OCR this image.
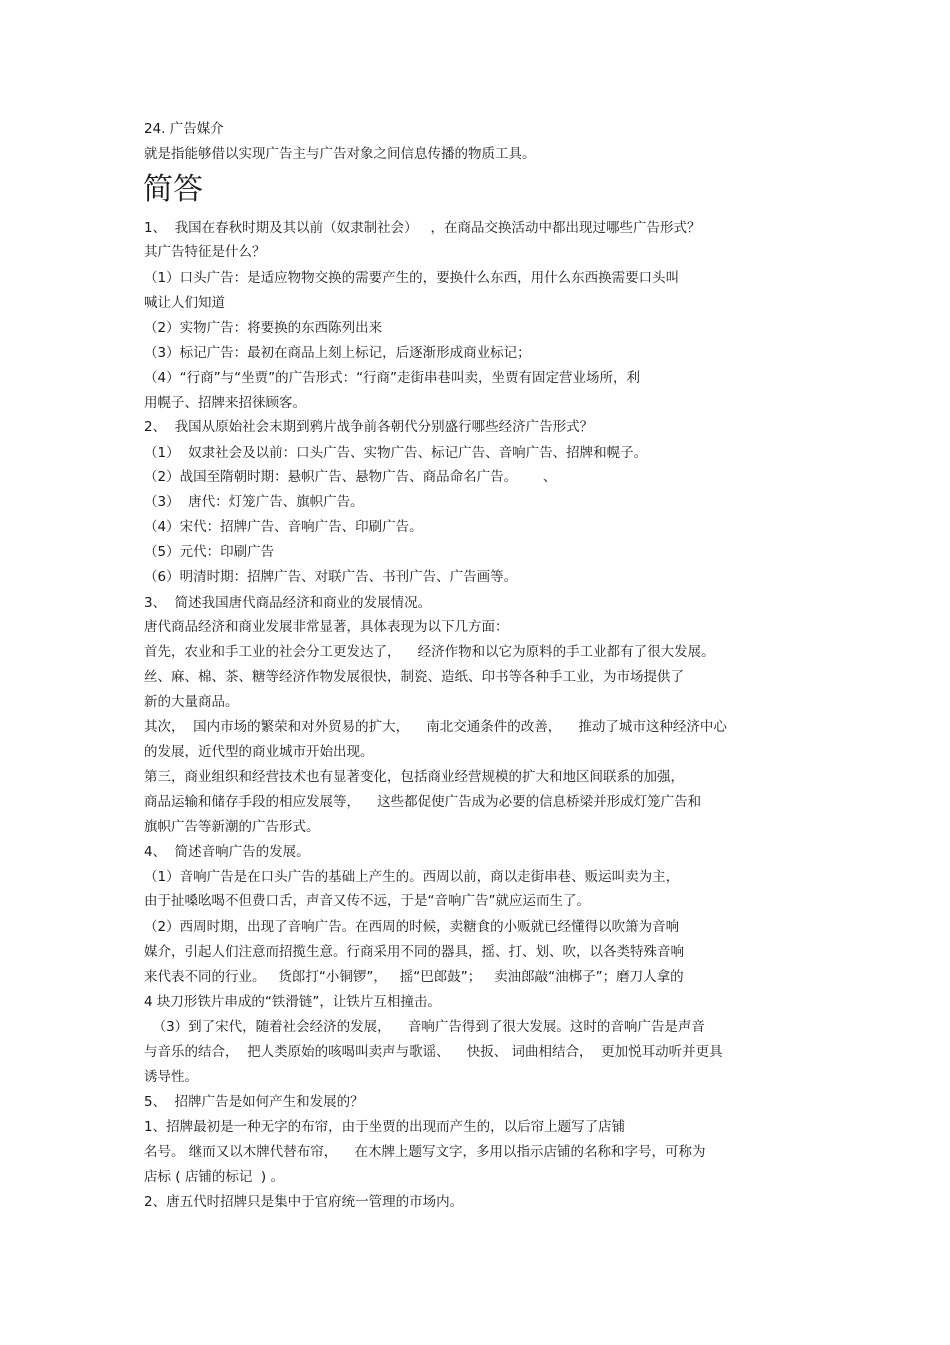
24. 广告媒介
就是指能够借以实现广告主与广告对象之间信息传播的物质工具。
简答
1、  我国在春秋时期及其以前（奴隶制社会）   ，在商品交换活动中都出现过哪些广告形式？
其广告特征是什么？
（1）口头广告：是适应物物交换的需要产生的，要换什么东西，用什么东西换需要口头叫
喊让人们知道
（2）实物广告：将要换的东西陈列出来
（3）标记广告：最初在商品上刻上标记，后逐渐形成商业标记；
（4）“行商”与“坐贾”的广告形式：“行商”走街串巷叫卖，坐贾有固定营业场所，利
用幌子、招牌来招徕顾客。
2、  我国从原始社会末期到鸦片战争前各朝代分别盛行哪些经济广告形式？
（1）  奴隶社会及以前：口头广告、实物广告、标记广告、音响广告、招牌和幌子。
（2）战国至隋朝时期：悬帜广告、悬物广告、商品命名广告。      、
（3）  唐代：灯笼广告、旗帜广告。
（4）宋代：招牌广告、音响广告、印刷广告。
（5）元代：印刷广告
（6）明清时期：招牌广告、对联广告、书刊广告、广告画等。
3、  简述我国唐代商品经济和商业的发展情况。
唐代商品经济和商业发展非常显著，具体表现为以下几方面：
首先，农业和手工业的社会分工更发达了，    经济作物和以它为原料的手工业都有了很大发展。
丝、麻、棉、茶、糖等经济作物发展很快，制瓷、造纸、印书等各种手工业，为市场提供了
新的大量商品。
其次，  国内市场的繁荣和对外贸易的扩大，    南北交通条件的改善，    推动了城市这种经济中心
的发展，近代型的商业城市开始出现。
第三，商业组织和经营技术也有显著变化，包括商业经营规模的扩大和地区间联系的加强，
商品运输和储存手段的相应发展等，    这些都促使广告成为必要的信息桥梁并形成灯笼广告和
旗帜广告等新潮的广告形式。
4、  简述音响广告的发展。
（1）音响广告是在口头广告的基础上产生的。西周以前，商以走街串巷、贩运叫卖为主，
由于扯嗓吆喝不但费口舌，声音又传不远，于是“音响广告”就应运而生了。
（2）西周时期，出现了音响广告。在西周的时候，卖糖食的小贩就已经懂得以吹箫为音响
媒介，引起人们注意而招揽生意。行商采用不同的器具，摇、打、划、吹，以各类特殊音响
来代表不同的行业。   货郎打“小铜锣”，   摇“巴郎鼓”；   卖油郎敲“油梆子”；磨刀人拿的
4 块刀形铁片串成的“铁滑链”，让铁片互相撞击。
（3）到了宋代，随着社会经济的发展，    音响广告得到了很大发展。这时的音响广告是声音
与音乐的结合，  把人类原始的咳喝叫卖声与歌谣、    快扳、 词曲相结合，  更加悦耳动听并更具
诱导性。
5、  招牌广告是如何产生和发展的？
1、招牌最初是一种无字的布帘，由于坐贾的出现而产生的，以后帘上题写了店铺
名号。 继而又以木牌代替布帘，    在木牌上题写文字，多用以指示店铺的名称和字号，可称为
店标 ( 店铺的标记  ) 。
2、唐五代时招牌只是集中于官府统一管理的市场内。
